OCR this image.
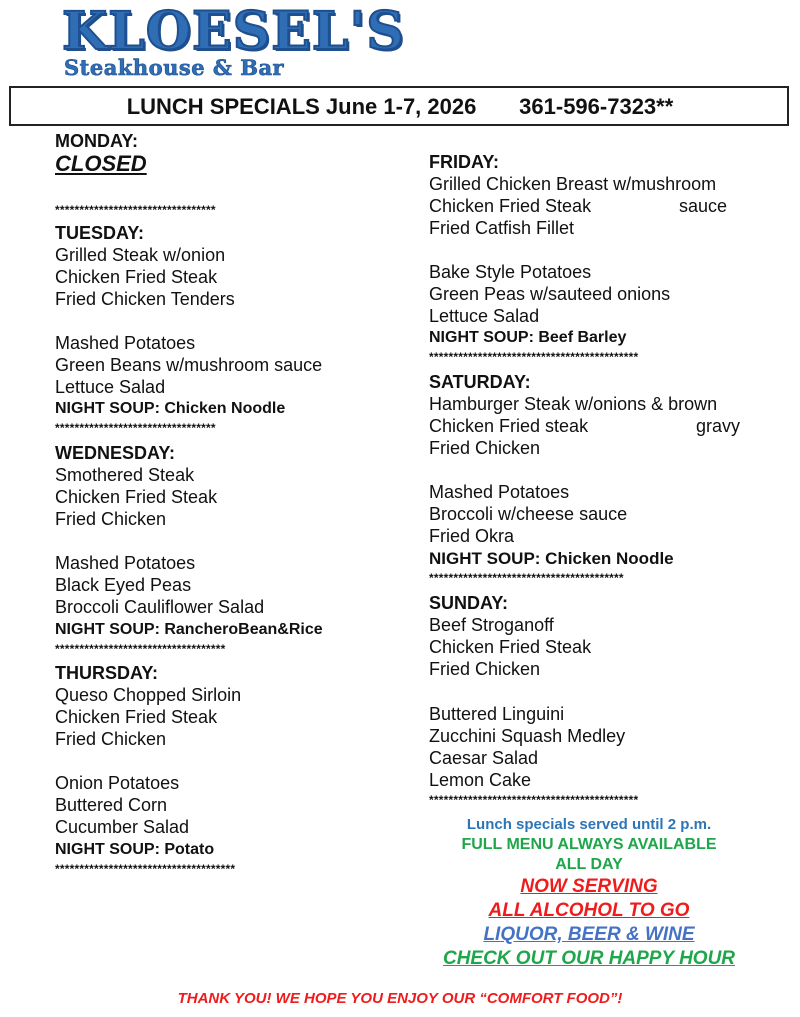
KLOESEL'S
Steakhouse & Bar
LUNCH SPECIALS June 1-7, 2026 361-596-7323**
MONDAY:
CLOSED
*********************************
TUESDAY:
Grilled Steak w/onion
Chicken Fried Steak
Fried Chicken Tenders
Mashed Potatoes
Green Beans w/mushroom sauce
Lettuce Salad
NIGHT SOUP: Chicken Noodle
*********************************
WEDNESDAY:
Smothered Steak
Chicken Fried Steak
Fried Chicken
Mashed Potatoes
Black Eyed Peas
Broccoli Cauliflower Salad
NIGHT SOUP: RancheroBean&Rice
***********************************
THURSDAY:
Queso Chopped Sirloin
Chicken Fried Steak
Fried Chicken
Onion Potatoes
Buttered Corn
Cucumber Salad
NIGHT SOUP: Potato
*************************************
FRIDAY:
Grilled Chicken Breast w/mushroom
Chicken Fried Steak	sauce
Fried Catfish Fillet
Bake Style Potatoes
Green Peas w/sauteed onions
Lettuce Salad
NIGHT SOUP: Beef Barley
*******************************************
SATURDAY:
Hamburger Steak w/onions & brown
Chicken Fried steak	gravy
Fried Chicken
Mashed Potatoes
Broccoli w/cheese sauce
Fried Okra
NIGHT SOUP: Chicken Noodle
****************************************
SUNDAY:
Beef Stroganoff
Chicken Fried Steak
Fried Chicken
Buttered Linguini
Zucchini Squash Medley
Caesar Salad
Lemon Cake
*******************************************
Lunch specials served until 2 p.m.
FULL MENU ALWAYS AVAILABLE
ALL DAY
NOW SERVING
ALL ALCOHOL TO GO
LIQUOR, BEER & WINE
CHECK OUT OUR HAPPY HOUR
THANK YOU! WE HOPE YOU ENJOY OUR “COMFORT FOOD”!
